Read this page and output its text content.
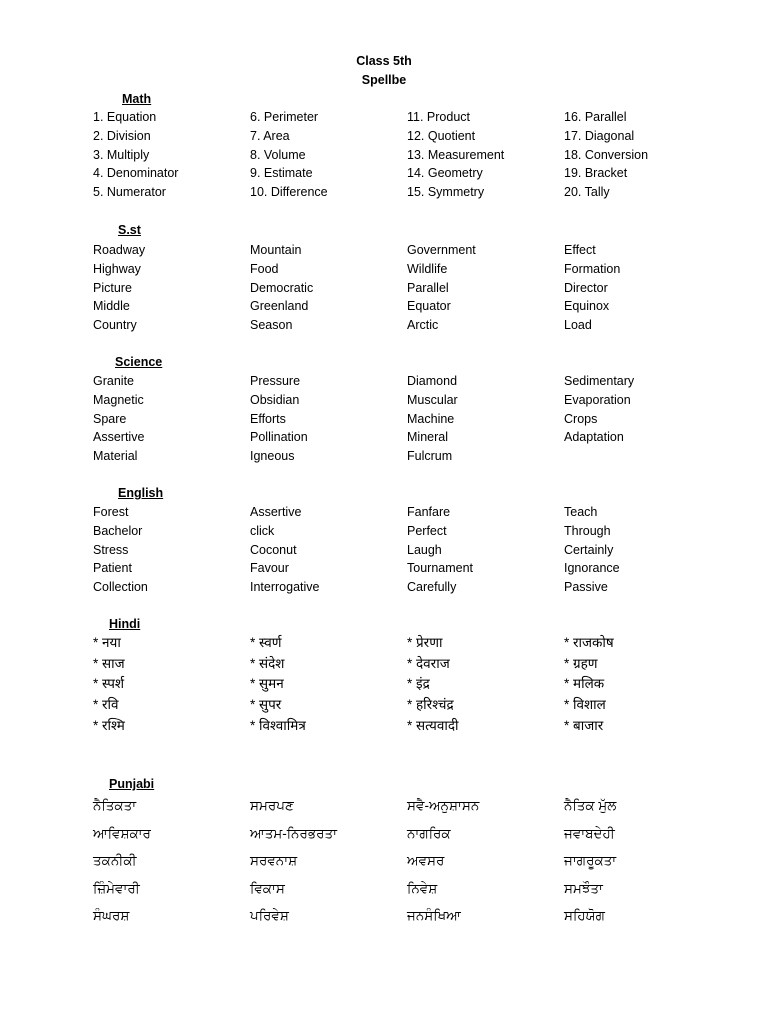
Class 5th
Spellbe
Math
1. Equation	6. Perimeter	11. Product	16. Parallel
2. Division	7. Area	12. Quotient	17. Diagonal
3. Multiply	8. Volume	13. Measurement	18. Conversion
4. Denominator	9. Estimate	14. Geometry	19. Bracket
5. Numerator	10. Difference	15. Symmetry	20. Tally
S.st
Roadway	Mountain	Government	Effect
Highway	Food	Wildlife	Formation
Picture	Democratic	Parallel	Director
Middle	Greenland	Equator	Equinox
Country	Season	Arctic	Load
Science
Granite	Pressure	Diamond	Sedimentary
Magnetic	Obsidian	Muscular	Evaporation
Spare	Efforts	Machine	Crops
Assertive	Pollination	Mineral	Adaptation
Material	Igneous	Fulcrum
English
Forest	Assertive	Fanfare	Teach
Bachelor	click	Perfect	Through
Stress	Coconut	Laugh	Certainly
Patient	Favour	Tournament	Ignorance
Collection	Interrogative	Carefully	Passive
Hindi
* नया	* स्वर्ण	* प्रेरणा	* राजकोष
* साज	* संदेश	* देवराज	* ग्रहण
* स्पर्श	* सुमन	* इंद्र	* मलिक
* रवि	* सुपर	* हरिश्चंद्र	* विशाल
* रश्मि	* विश्वामित्र	* सत्यवादी	* बाजार
Punjabi
ਨੈਤਿਕਤਾ	ਸਮਰਪਣ	ਸਵੈ-ਅਨੁਸ਼ਾਸਨ	ਨੈਤਿਕ ਮੁੱਲ
ਆਵਿਸ਼ਕਾਰ	ਆਤਮ-ਨਿਰਭਰਤਾ	ਨਾਗਰਿਕ	ਜਵਾਬਦੇਹੀ
ਤਕਨੀਕੀ	ਸਰਵਨਾਸ਼	ਅਵਸਰ	ਜਾਗਰੂਕਤਾ
ਜ਼ਿੰਮੇਵਾਰੀ	ਵਿਕਾਸ	ਨਿਵੇਸ਼	ਸਮਝੌਤਾ
ਸੰਘਰਸ਼	ਪਰਿਵੇਸ਼	ਜਨਸੰਖਿਆ	ਸਹਿਯੋਗ
